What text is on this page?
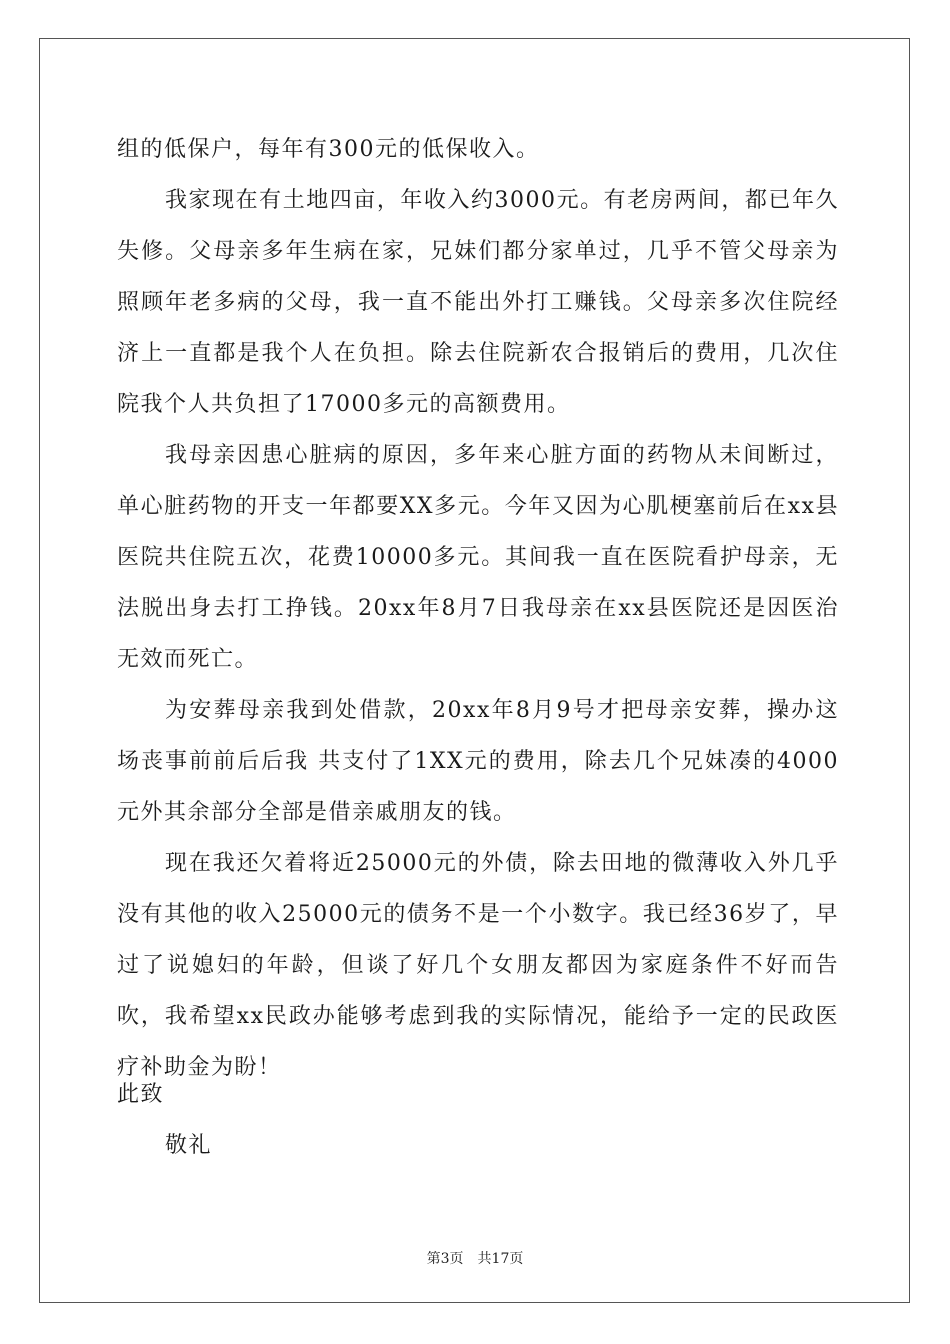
组的低保户，每年有300元的低保收入。

我家现在有土地四亩，年收入约3000元。有老房两间，都已年久失修。父母亲多年生病在家，兄妹们都分家单过，几乎不管父母亲为照顾年老多病的父母，我一直不能出外打工赚钱。父母亲多次住院经济上一直都是我个人在负担。除去住院新农合报销后的费用，几次住院我个人共负担了17000多元的高额费用。

我母亲因患心脏病的原因，多年来心脏方面的药物从未间断过，单心脏药物的开支一年都要XX多元。今年又因为心肌梗塞前后在xx县医院共住院五次，花费10000多元。其间我一直在医院看护母亲，无法脱出身去打工挣钱。20xx年8月7日我母亲在xx县医院还是因医治无效而死亡。

为安葬母亲我到处借款，20xx年8月9号才把母亲安葬，操办这场丧事前前后后我 共支付了1XX元的费用，除去几个兄妹凑的4000元外其余部分全部是借亲戚朋友的钱。

现在我还欠着将近25000元的外债，除去田地的微薄收入外几乎没有其他的收入25000元的债务不是一个小数字。我已经36岁了，早过了说媳妇的年龄，但谈了好几个女朋友都因为家庭条件不好而告吹，我希望xx民政办能够考虑到我的实际情况，能给予一定的民政医疗补助金为盼！

此致
敬礼
第3页 共17页
